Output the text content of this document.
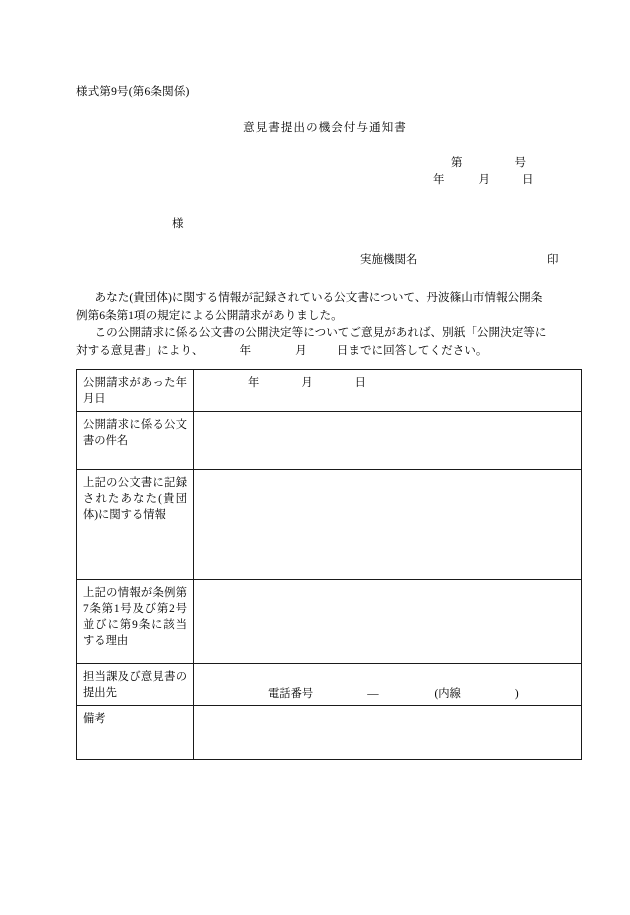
様式第9号(第6条関係)
意見書提出の機会付与通知書
第	号
年	月	日
様
実施機関名	印

あなた(貴団体)に関する情報が記録されている公文書について、丹波篠山市情報公開条

例第6条第1項の規定による公開請求がありました。

この公開請求に係る公文書の公開決定等についてご意見があれば、別紙「公開決定等に

対する意見書」により、	年	月	日までに回答してください。

公開請求があった年月日	年 月 日

公開請求に係る公文書の件名	

上記の公文書に記録されたあなた(貴団体)に関する情報	

上記の情報が条例第7条第1号及び第2号並びに第9条に該当する理由	

担当課及び意見書の提出先	電話番号 — (内線 )

備考	
